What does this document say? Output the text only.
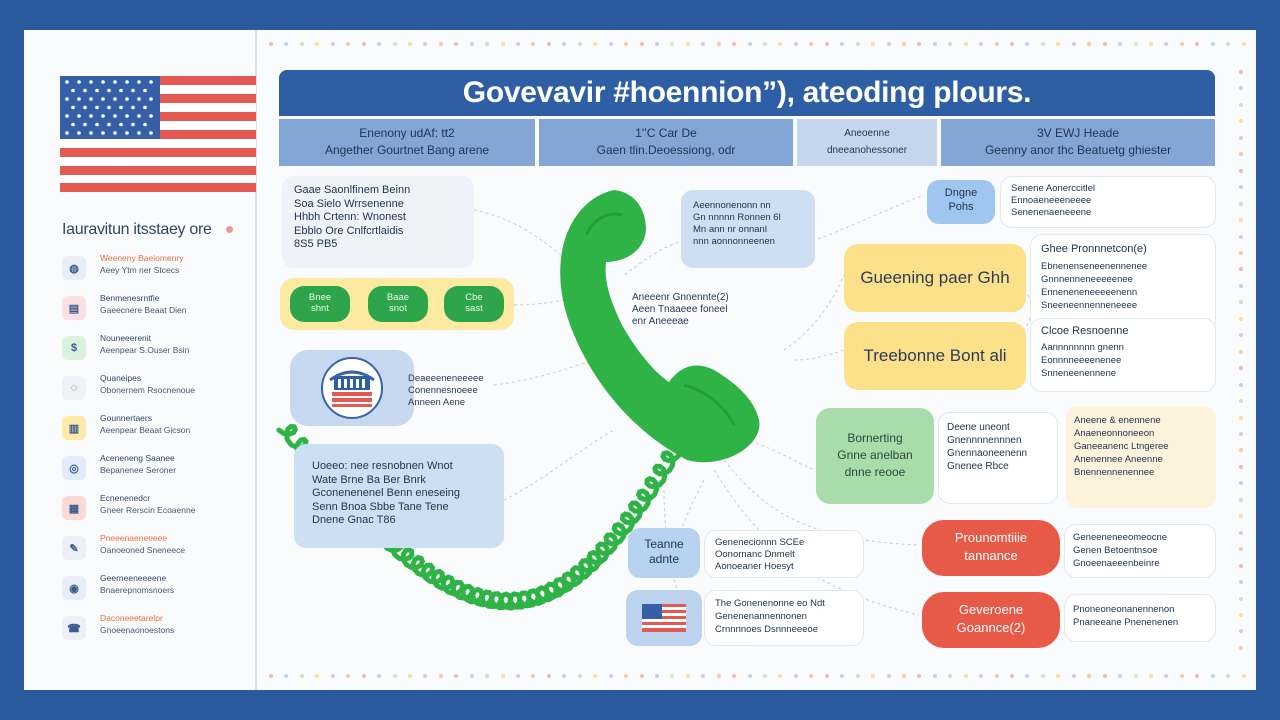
Iauravitun itsstaey ore
◍
Weeneny Baeiomenry
Aeey Ytm ner Stcecs
▤
Benmenesrntfie
Gaeecnere Beaat Dien
$
Nouneeerenit
Aeenpear S.Ouser Bsin
◌
Quaneipes
Obonernem Rsocnenoue
▥
Gounnertaers
Aeenpear Beaat Gicson
◎
Aceneneng Saanee
Bepanenee Seroner
▦
Ecnenenedcr
Gneer Rerscin Ecoaenne
✎
Pneeenaeneeeee
Oanoeoned Sneneece
◉
Geerneeneeeene
Bnaerepnomsnoers
☎
Daconeeetarelpr
Gnoeenaonoestons
Govevavir #hoennion”), ateoding plours.
Enenony udAf: tt2
Angether Gourtnet Bang arene
1'’C Car De
Gaen tlin.Deoessiong, odr
Aneoenne
dneeanohessoner
3V EWJ Heade
Geenny anor thc Beatuetg ghiester
Gaae Saonlfinem Beinn
Soa Sielo Wrrsenenne
Hhbh Crtenn: Wnonest
Ebblo Ore Cnlfcrtlaidis
8S5 PB5
Bnee
shnt
Baae
snot
Cbe
sast
Deaeeeneneeeee
Conennesnoeee
Anneen Aene
Uoeeo: nee resnobnen Wnot
Wate Brne Ba Ber Bnrk
Gconenenenel Benn eneseing
Senn Bnoa Sbbe Tane Tene
Dnene Gnac T86
Aeennonenonn nn
Gn nnnnn Ronnen 6l
Mn ann nr onnanl
nnn aonnonneenen
Aneeenr Gnnennte(2)
Aeen Tnaaeee foneel
enr Aneeeae
Teanne
adnte
Genenecionnn SCEe
Oonornanc Dnmelt
Aonoeaner Hoesyt
The Gonenenonne eo Ndt
Genenenannennonen
Crnnnnoes Dsnnneeeoe
Dngne
Pohs
Senene Aonerccitlel
Ennoaeneeeneeee
Senenenaeneeene
Gueening paer Ghh
Ghee Pronnnetcon(e)
Ebnenenseneenennenee
Gnnnenneneeeeenee
Enneneneneeeeenenn
Sneeneennenneneeee
Treebonne Bont ali
Clcoe Resnoenne
Aannnnnnnn gnenn
Eonnnneeeenenee
Snneneenennene
Bornerting
Gnne anelban
dnne reooe
Deene uneont
Gnennnnennnen
Gnennaoneenenn
Gnenee Rbce
Aneene & enennene
Anaeneonnoneeon
Ganeeanenc Ltngeree
Anenennee Aneenne
Bnennennenennee
Prounomtiiie
tannance
Geneeneneeomeocne
Genen Betoentnsoe
Gnoeenaeeenbeinre
Geveroene
Goannce(2)
Pnoneoneonanennenon
Pnaneeane Pnenenenen
